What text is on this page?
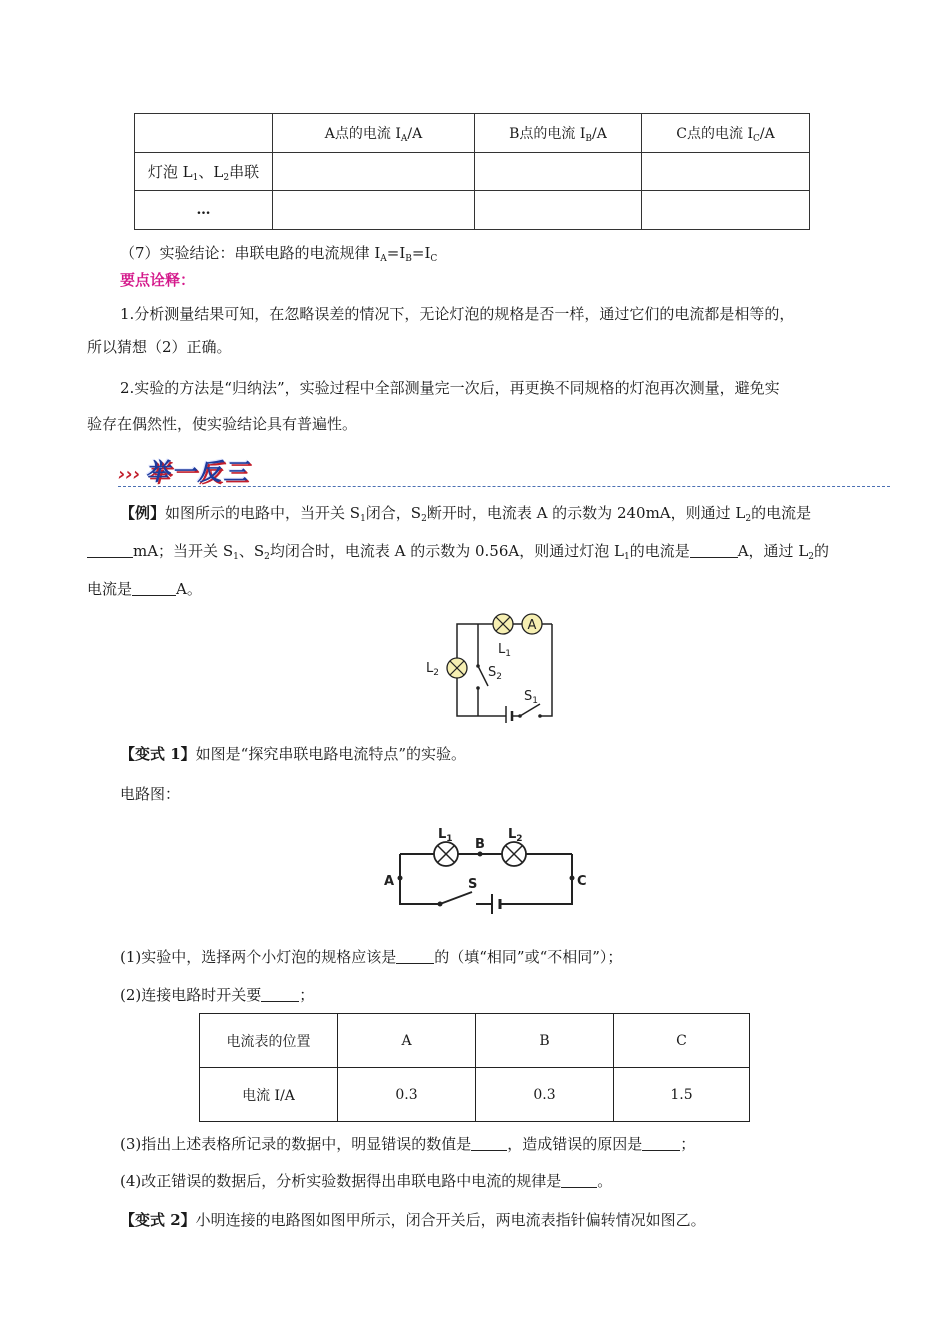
	A点的电流 $I_A/A$	B点的电流 $I_B/A$	C点的电流 $I_C/A$
灯泡 $L_1$、$L_2$串联			
…			
（7）实验结论：串联电路的电流规律 $I_A=I_B=I_C$
要点诠释：
1.分析测量结果可知，在忽略误差的情况下，无论灯泡的规格是否一样，通过它们的电流都是相等的，
所以猜想（2）正确。
2.实验的方法是“归纳法”，实验过程中全部测量完一次后，再更换不同规格的灯泡再次测量，避免实
验存在偶然性，使实验结论具有普遍性。
››› 举一反三
【例】如图所示的电路中，当开关 $S_1$闭合，$S_2$断开时，电流表 A 的示数为 240mA，则通过 $L_2$的电流是
mA；当开关 $S_1$、$S_2$均闭合时，电流表 A 的示数为 0.56A，则通过灯泡 $L_1$的电流是	A，通过 $L_2$的
电流是	A。
A
$L_1$
$L_2$	$S_2$
$S_1$
【变式 1】如图是“探究串联电路电流特点”的实验。
电路图：
$L_1$	$L_2$
B
A	C
S
(1)实验中，选择两个小灯泡的规格应该是	的（填“相同”或“不相同”）；
(2)连接电路时开关要	；
电流表的位置	A	B	C
电流 I/A	0.3	0.3	1.5
(3)指出上述表格所记录的数据中，明显错误的数值是 ，造成错误的原因是	；
(4)改正错误的数据后，分析实验数据得出串联电路中电流的规律是 。
【变式 2】小明连接的电路图如图甲所示，闭合开关后，两电流表指针偏转情况如图乙。
